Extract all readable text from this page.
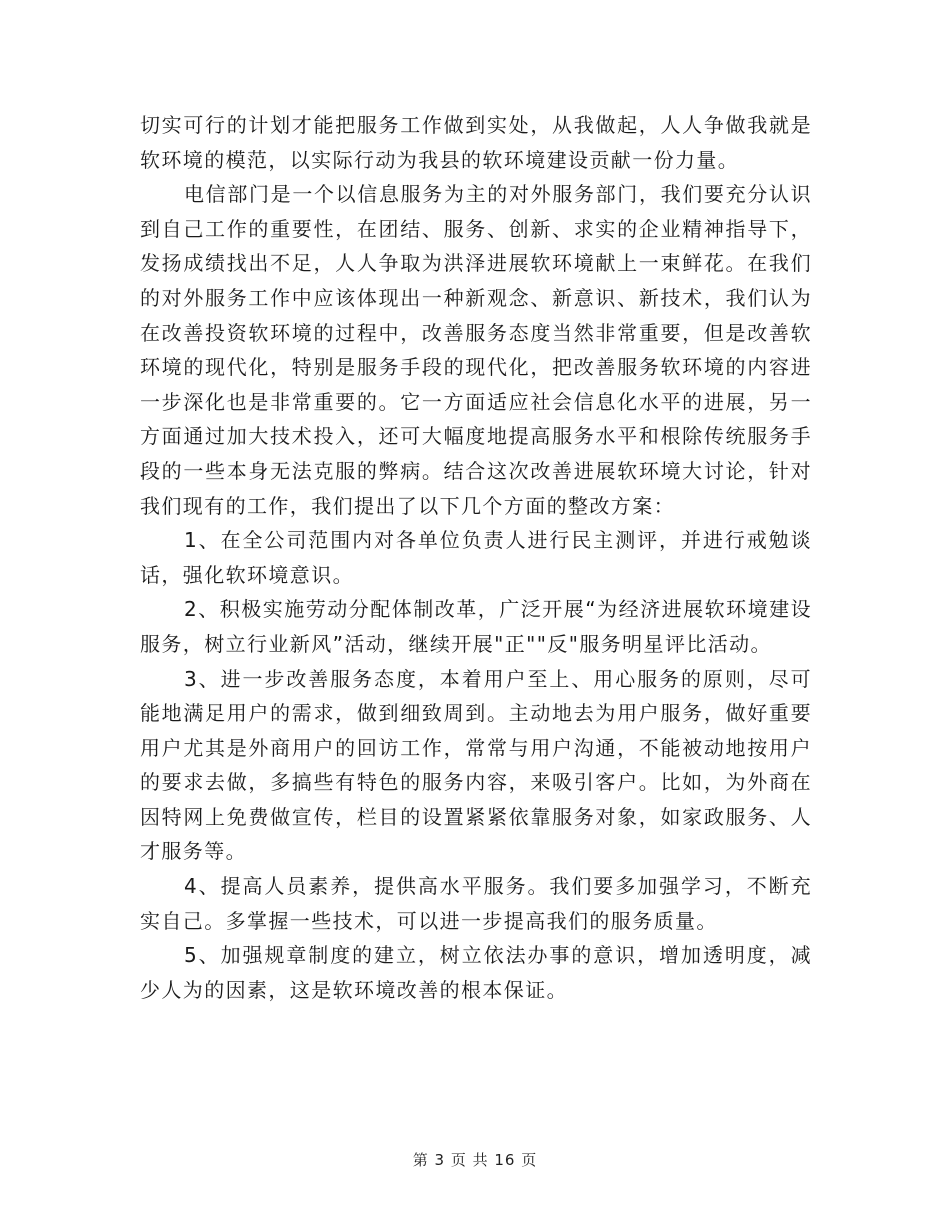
切实可行的计划才能把服务工作做到实处，从我做起，人人争做我就是软环境的模范，以实际行动为我县的软环境建设贡献一份力量。

电信部门是一个以信息服务为主的对外服务部门，我们要充分认识到自己工作的重要性，在团结、服务、创新、求实的企业精神指导下，发扬成绩找出不足，人人争取为洪泽进展软环境献上一束鲜花。在我们的对外服务工作中应该体现出一种新观念、新意识、新技术，我们认为在改善投资软环境的过程中，改善服务态度当然非常重要，但是改善软环境的现代化，特别是服务手段的现代化，把改善服务软环境的内容进一步深化也是非常重要的。它一方面适应社会信息化水平的进展，另一方面通过加大技术投入，还可大幅度地提高服务水平和根除传统服务手段的一些本身无法克服的弊病。结合这次改善进展软环境大讨论，针对我们现有的工作，我们提出了以下几个方面的整改方案：

1、在全公司范围内对各单位负责人进行民主测评，并进行戒勉谈话，强化软环境意识。

2、积极实施劳动分配体制改革，广泛开展“为经济进展软环境建设服务，树立行业新风”活动，继续开展"正""反"服务明星评比活动。

3、进一步改善服务态度，本着用户至上、用心服务的原则，尽可能地满足用户的需求，做到细致周到。主动地去为用户服务，做好重要用户尤其是外商用户的回访工作，常常与用户沟通，不能被动地按用户的要求去做，多搞些有特色的服务内容，来吸引客户。比如，为外商在因特网上免费做宣传，栏目的设置紧紧依靠服务对象，如家政服务、人才服务等。

4、提高人员素养，提供高水平服务。我们要多加强学习，不断充实自己。多掌握一些技术，可以进一步提高我们的服务质量。

5、加强规章制度的建立，树立依法办事的意识，增加透明度，减少人为的因素，这是软环境改善的根本保证。

第 3 页 共 16 页
